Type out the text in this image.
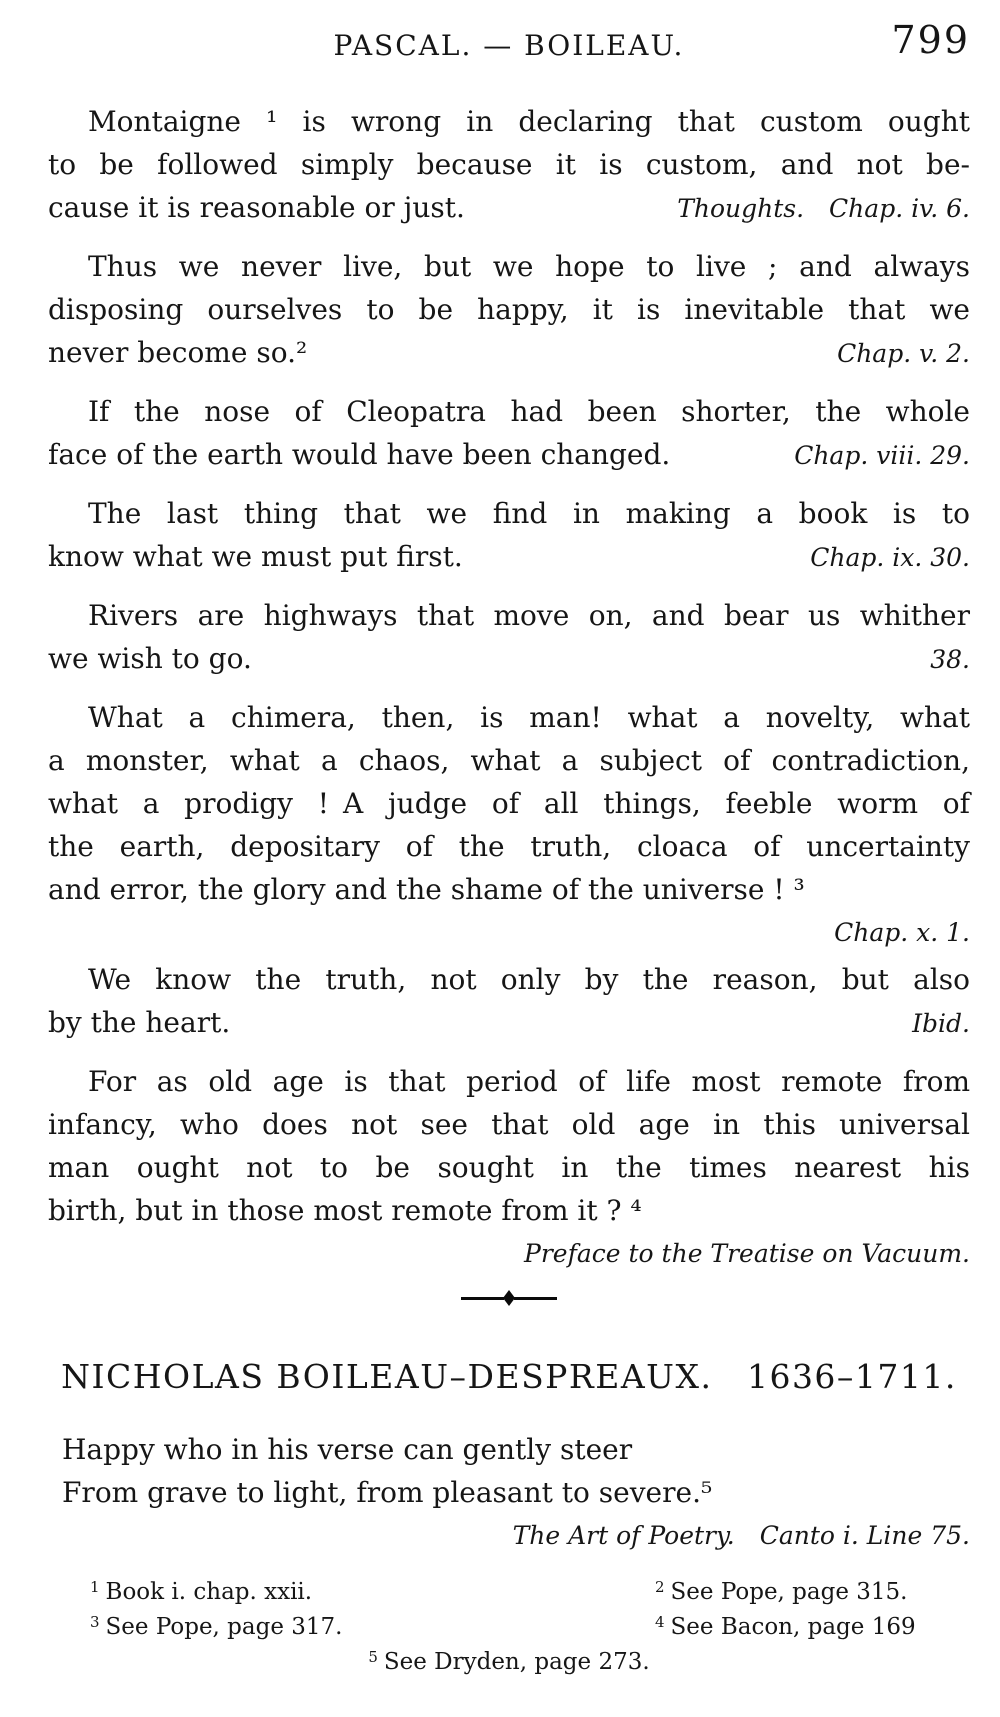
PASCAL. — BOILEAU.	799
Montaigne ¹ is wrong in declaring that custom ought
to be followed simply because it is custom, and not be-
cause it is reasonable or just.	Thoughts. Chap. iv. 6.
Thus we never live, but we hope to live ; and always
disposing ourselves to be happy, it is inevitable that we
never become so.²	Chap. v. 2.
If the nose of Cleopatra had been shorter, the whole
face of the earth would have been changed.	Chap. viii. 29.
The last thing that we find in making a book is to
know what we must put first.	Chap. ix. 30.
Rivers are highways that move on, and bear us whither
we wish to go.	38.
What a chimera, then, is man! what a novelty, what
a monster, what a chaos, what a subject of contradiction,
what a prodigy ! A judge of all things, feeble worm of
the earth, depositary of the truth, cloaca of uncertainty
and error, the glory and the shame of the universe ! ³
Chap. x. 1.
We know the truth, not only by the reason, but also
by the heart.	Ibid.
For as old age is that period of life most remote from
infancy, who does not see that old age in this universal
man ought not to be sought in the times nearest his
birth, but in those most remote from it ? ⁴
Preface to the Treatise on Vacuum.
NICHOLAS BOILEAU–DESPREAUX. 1636–1711.
Happy who in his verse can gently steer
From grave to light, from pleasant to severe.⁵
The Art of Poetry. Canto i. Line 75.
1 Book i. chap. xxii.	2 See Pope, page 315.
3 See Pope, page 317.	4 See Bacon, page 169
5 See Dryden, page 273.
